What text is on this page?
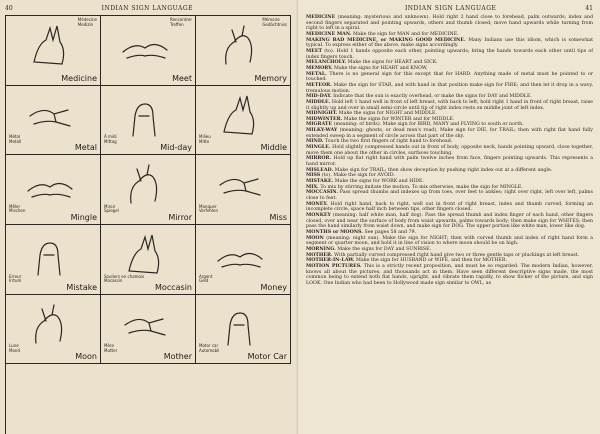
40	INDIAN SIGN LANGUAGE
Médecine
Medizin
Medicine
Rencontrer
Treffen
Meet
Mémoire
Gedächtniss
Memory
Métal
Metall
Metal
À midi
Mittag
Mid-day
Milieu
Mitte
Middle
Mêler
Mischen
Mingle
Miroir
Spiegel
Mirror
Manquer
Verfehlen
Miss
Erreur
Irrtum
Mistake
Souliers en chamois
Mocassin
Moccasin
Argent
Geld
Money
Lune
Mond
Moon
Mère
Mutter
Mother
Motor car
Automobil
Motor Car
INDIAN SIGN LANGUAGE	41

MEDICINE (meaning: mysterious and unknown). Hold right 2 hand close to forehead, palm outwards; index and second fingers separated and pointing upwards, others and thumb closed; move hand upwards while turning from right to left in a spiral.

MEDICINE MAN. Make the sign for MAN and for MEDICINE.

MAKING BAD MEDICINE, or MAKING GOOD MEDICINE. Many Indians use this idiom, which is somewhat typical. To express either of the above, make signs accordingly.

MEET (to). Hold 1 hands opposite each other, pointing upwards; bring the hands towards each other until tips of index fingers touch.

MELANCHOLY. Make the signs for HEART and SICK.

MEMORY. Make the signs for HEART and KNOW.

METAL. There is no general sign for this except that for HARD. Anything made of metal must be pointed to or touched.

METEOR. Make the sign for STAR, and with hand in that position make sign for FIRE; and then let it drop in a wavy, tremulous motion.

MID-DAY. Indicate that the sun is exactly overhead, or make the signs for DAY and MIDDLE.

MIDDLE. Hold left 1 hand well in front of left breast, with back to left; hold right 1 hand in front of right breast, raise it slightly up and over in small semi-circle until tip of right index rests on middle joint of left index.

MIDNIGHT. Make the signs for NIGHT and MIDDLE.

MIDWINTER. Make the signs for WINTER and for MIDDLE.

MIGRATE (meaning: of birds). Make sign for BIRD, MANY and FLYING to south or north.

MILKY-WAY (meaning: ghosts, or dead men's road). Make sign for DIE, for TRAIL; then with right flat hand fully extended sweep in a segment of circle across that part of the sky.

MIND. Touch the two first fingers of right hand to forehead.

MINGLE. Hold slightly compressed hands out in front of body, opposite neck, hands pointing upward, close together, move them one about the other in circles, surfaces touching.

MIRROR. Hold up flat right hand with palm twelve inches from face, fingers pointing upwards. This represents a hand mirror.

MISLEAD. Make sign for TRAIL; then show deception by pushing right index out at a different angle.

MISS (to). Make the sign for AVOID.

MISTAKE. Make the signs for WORK and HIDE.

MIX. To mix by stirring imitate the motion. To mix otherwise, make the sign for MINGLE.

MOCCASIN. Pass spread thumbs and indexes up from toes, over feet to ankles; right over right, left over left, palms close to feet.

MONEY. Hold right hand, back to right, well out in front of right breast, index and thumb curved, forming an incomplete circle, space half inch between tips, other fingers closed.

MONKEY (meaning: half white man, half dog). Pass the spread thumb and index finger of each hand, other fingers closed, over and near the surface of body from waist upwards, palms towards body; then make sign for WHITES; then pass the hand similarly from waist down, and make sign for DOG. The upper portion like white man, lower like dog.

MONTHS or MOONS. See pages 58 and 79.

MOON (meaning: night sun). Make the sign for NIGHT; then with curved thumb and index of right hand form a segment or quarter moon, and hold it in line of vision to where moon should be on high.

MORNING. Make the signs for DAY and SUNRISE.

MOTHER. With partially curved compressed right hand give two or three gentle taps or pluckings at left breast.

MOTHER-IN-LAW. Make the sign for HUSBAND or WIFE, and then for MOTHER.

MOTION PICTURES. This is a strictly recent proposition, and must be so regarded. The modern Indian, however, knows all about the pictures, and thousands act in them. Have seen different descriptive signs made, the most common being to extend both flat hands, upright, and vibrate them rapidly, to show flicker of the picture, and sign LOOK. One Indian who had been to Hollywood made sign similar to OWL, as
